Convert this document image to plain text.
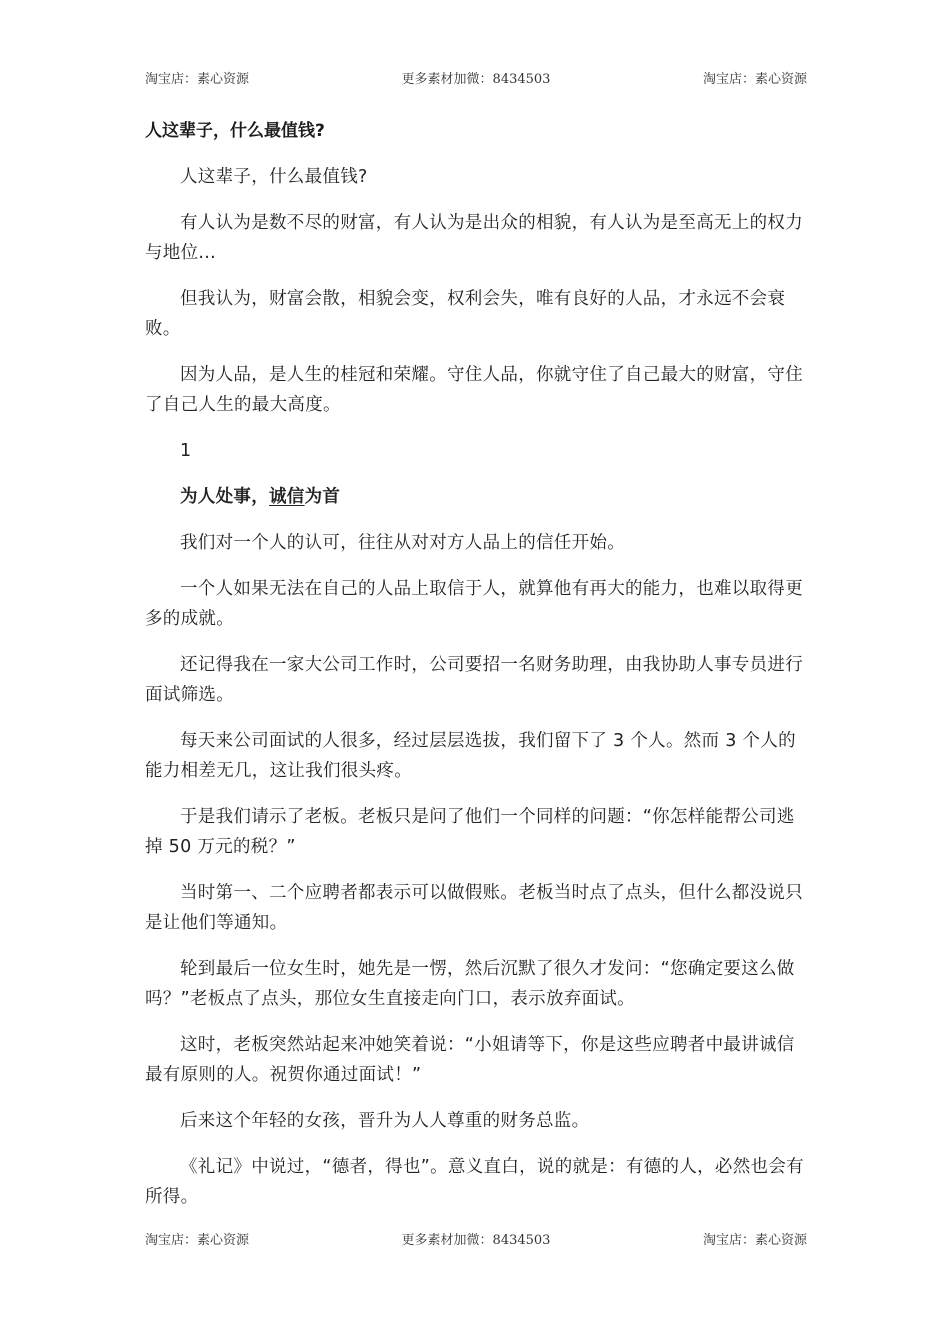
淘宝店：素心资源	更多素材加微：8434503	淘宝店：素心资源
人这辈子，什么最值钱?

人这辈子，什么最值钱?

有人认为是数不尽的财富，有人认为是出众的相貌，有人认为是至高无上的权力与地位...

但我认为，财富会散，相貌会变，权利会失，唯有良好的人品，才永远不会衰败。

因为人品，是人生的桂冠和荣耀。守住人品，你就守住了自己最大的财富，守住了自己人生的最大高度。

1

为人处事，诚信为首

我们对一个人的认可，往往从对对方人品上的信任开始。

一个人如果无法在自己的人品上取信于人，就算他有再大的能力，也难以取得更多的成就。

还记得我在一家大公司工作时，公司要招一名财务助理，由我协助人事专员进行面试筛选。

每天来公司面试的人很多，经过层层选拔，我们留下了 3 个人。然而 3 个人的能力相差无几，这让我们很头疼。

于是我们请示了老板。老板只是问了他们一个同样的问题：“你怎样能帮公司逃掉 50 万元的税？”

当时第一、二个应聘者都表示可以做假账。老板当时点了点头，但什么都没说只是让他们等通知。

轮到最后一位女生时，她先是一愣，然后沉默了很久才发问：“您确定要这么做吗？”老板点了点头，那位女生直接走向门口，表示放弃面试。

这时，老板突然站起来冲她笑着说：“小姐请等下，你是这些应聘者中最讲诚信最有原则的人。祝贺你通过面试！”

后来这个年轻的女孩，晋升为人人尊重的财务总监。

《礼记》中说过，“德者，得也”。意义直白，说的就是：有德的人，必然也会有所得。

淘宝店：素心资源	更多素材加微：8434503	淘宝店：素心资源
